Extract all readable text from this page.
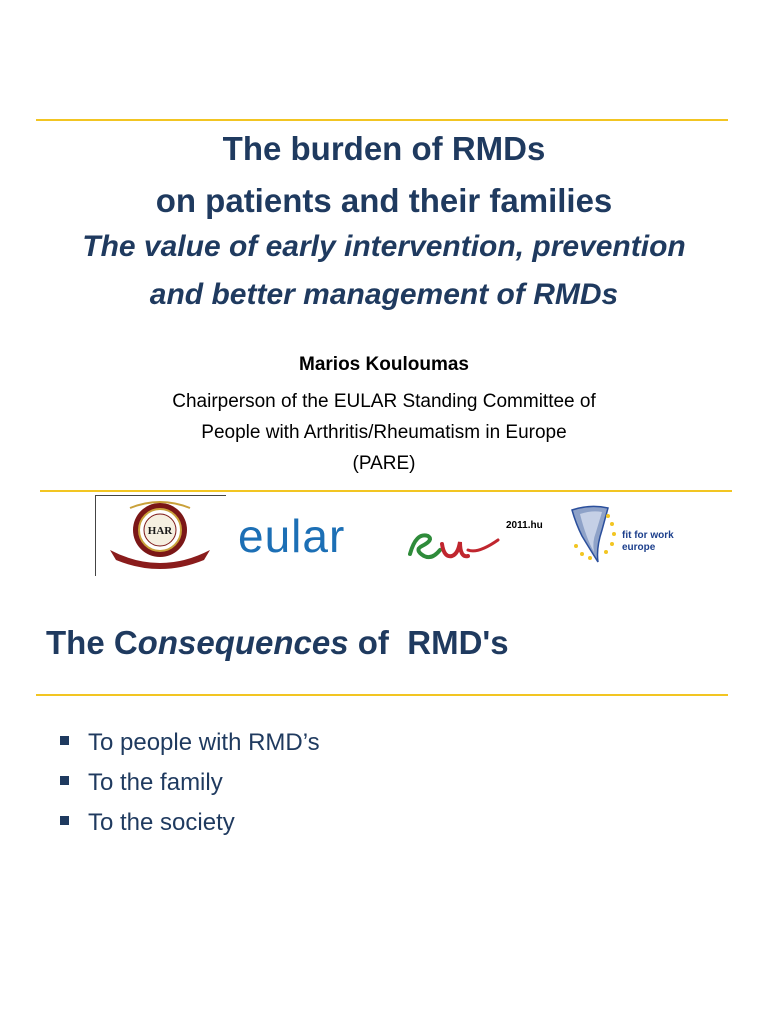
The burden of RMDs
on patients and their families
The value of early intervention, prevention
and better management of RMDs
Marios Kouloumas
Chairperson of the EULAR Standing Committee of
People with Arthritis/Rheumatism in Europe
(PARE)
HAR eular	2011.hu
fit for work
europe
The Consequences of  RMD's
To people with RMD’s
To the family
To the society
